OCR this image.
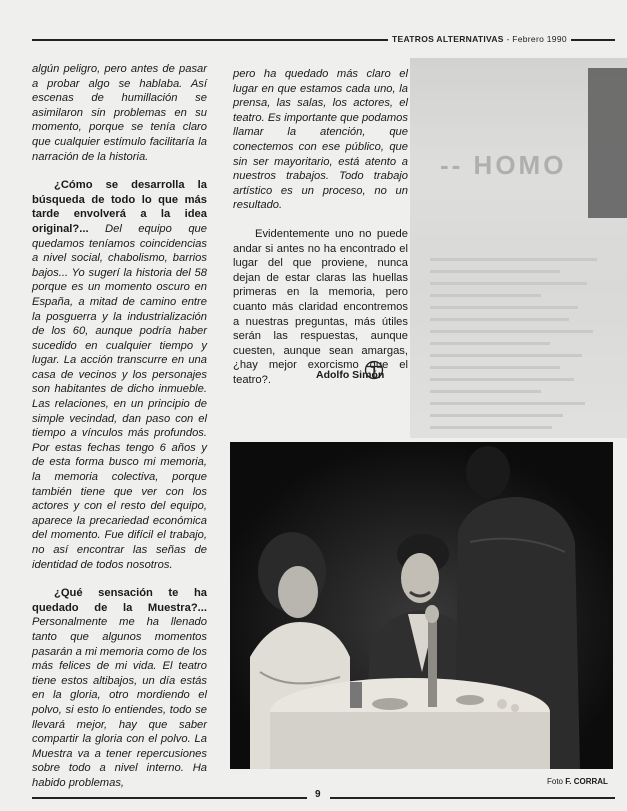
TEATROS ALTERNATIVAS - Febrero 1990
-- HOMO

algún peligro, pero antes de pasar a probar algo se hablaba. Así escenas de humillación se asimilaron sin problemas en su momento, porque se tenía claro que cualquier estímulo facilitaría la narración de la historia.

¿Cómo se desarrolla la búsqueda de todo lo que más tarde envolverá a la idea original?... Del equipo que quedamos teníamos coincidencias a nivel social, chabolismo, barrios bajos... Yo sugerí la historia del 58 porque es un momento oscuro en España, a mitad de camino entre la posguerra y la industrialización de los 60, aunque podría haber sucedido en cualquier tiempo y lugar. La acción transcurre en una casa de vecinos y los personajes son habitantes de dicho inmueble. Las relaciones, en un principio de simple vecindad, dan paso con el tiempo a vínculos más profundos. Por estas fechas tengo 6 años y de esta forma busco mi memoria, la memoria colectiva, porque también tiene que ver con los actores y con el resto del equipo, aparece la precariedad económica del momento. Fue difícil el trabajo, no así encontrar las señas de identidad de todos nosotros.

¿Qué sensación te ha quedado de la Muestra?... Personalmente me ha llenado tanto que algunos momentos pasarán a mi memoria como de los más felices de mi vida. El teatro tiene estos altibajos, un día estás en la gloria, otro mordiendo el polvo, si esto lo entiendes, todo se llevará mejor, hay que saber compartir la gloria con el polvo. La Muestra va a tener repercusiones sobre todo a nivel interno. Ha habido problemas,

pero ha quedado más claro el lugar en que estamos cada uno, la prensa, las salas, los actores, el teatro. Es importante que podamos llamar la atención, que conectemos con ese público, que sin ser mayoritario, está atento a nuestros trabajos. Todo trabajo artístico es un proceso, no un resultado.

Evidentemente uno no puede andar si antes no ha encontrado el lugar del que proviene, nunca dejan de estar claras las huellas primeras en la memoria, pero cuanto más claridad encontremos a nuestras preguntas, más útiles serán las respuestas, aunque cuesten, aunque sean amargas, ¿hay mejor exorcismo que el teatro?.	Adolfo Simón
Foto F. CORRAL
9
